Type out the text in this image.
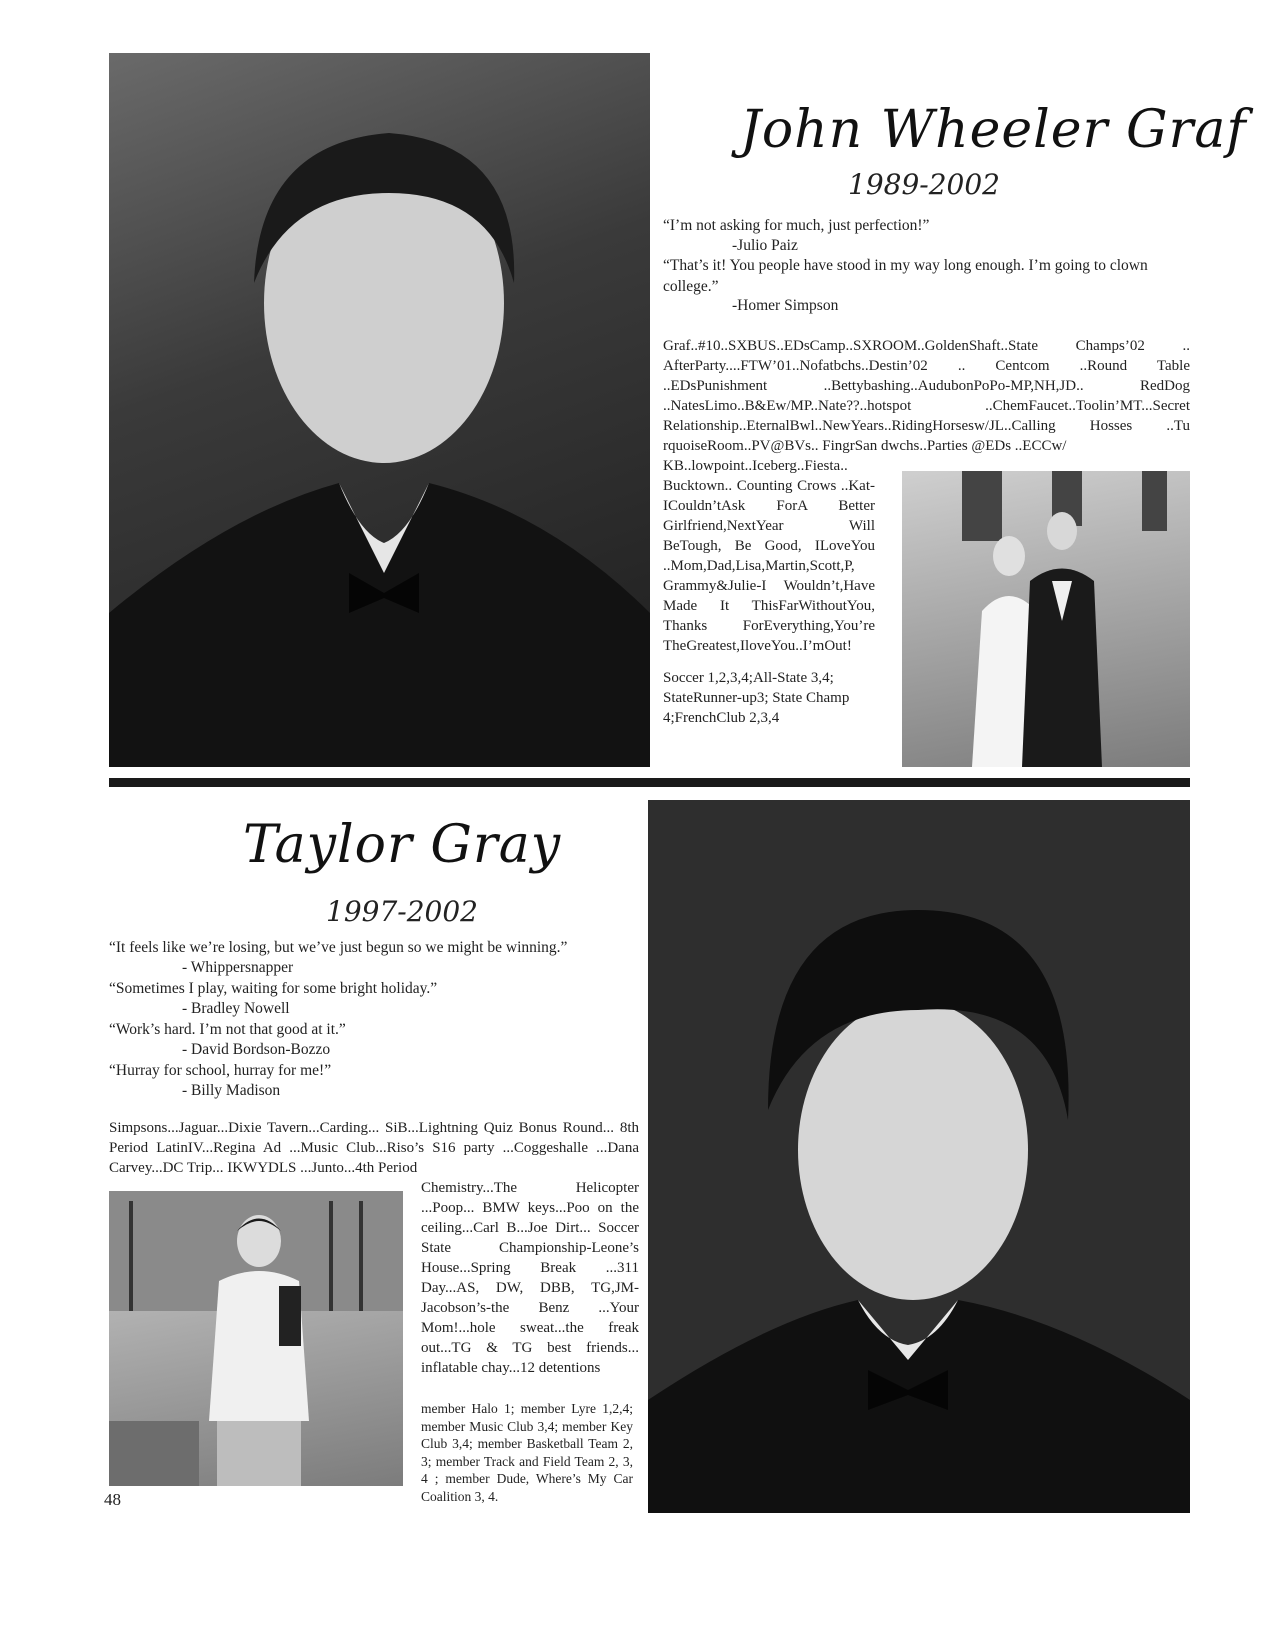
John Wheeler Graf
1989-2002
“I’m not asking for much, just perfection!”
-Julio Paiz
“That’s it! You people have stood in my way long enough. I’m going to clown college.”
-Homer Simpson
Graf..#10..SXBUS..EDsCamp..SXROOM..GoldenShaft..State Champs’02 .. AfterParty....FTW’01..Nofatbchs..Destin’02 .. Centcom ..Round Table ..EDsPunishment ..Bettybashing..AudubonPoPo-MP,NH,JD.. RedDog ..NatesLimo..B&Ew/MP..Nate??..hotspot ..ChemFaucet..Toolin’MT...Secret Relationship..EternalBwl..NewYears..RidingHorsesw/JL..Calling Hosses ..Tu rquoiseRoom..PV@BVs.. FingrSan dwchs..Parties @EDs ..ECCw/
KB..lowpoint..Iceberg..Fiesta.. Bucktown.. Counting Crows ..Kat-ICouldn’tAsk ForA Better Girlfriend,NextYear Will BeTough, Be Good, ILoveYou ..Mom,Dad,Lisa,Martin,Scott,P, Grammy&Julie-I Wouldn’t,Have Made It ThisFarWithoutYou, Thanks ForEverything,You’re TheGreatest,IloveYou..I’mOut!
Soccer 1,2,3,4;All-State 3,4; StateRunner-up3; State Champ 4;FrenchClub 2,3,4
Taylor Gray
1997-2002
“It feels like we’re losing, but we’ve just begun so we might be winning.”
- Whippersnapper
“Sometimes I play, waiting for some bright holiday.”
- Bradley Nowell
“Work’s hard. I’m not that good at it.”
- David Bordson-Bozzo
“Hurray for school, hurray for me!”
- Billy Madison
Simpsons...Jaguar...Dixie Tavern...Carding... SiB...Lightning Quiz Bonus Round... 8th Period LatinIV...Regina Ad ...Music Club...Riso’s S16 party ...Coggeshalle ...Dana Carvey...DC Trip... IKWYDLS ...Junto...4th Period
Chemistry...The Helicopter ...Poop... BMW keys...Poo on the ceiling...Carl B...Joe Dirt... Soccer State Championship-Leone’s House...Spring Break ...311 Day...AS, DW, DBB, TG,JM-Jacobson’s-the Benz ...Your Mom!...hole sweat...the freak out...TG & TG best friends... inflatable chay...12 detentions
48
member Halo 1; member Lyre 1,2,4; member Music Club 3,4; member Key Club 3,4; member Basketball Team 2, 3; member Track and Field Team 2, 3, 4 ; member Dude, Where’s My Car Coalition 3, 4.
